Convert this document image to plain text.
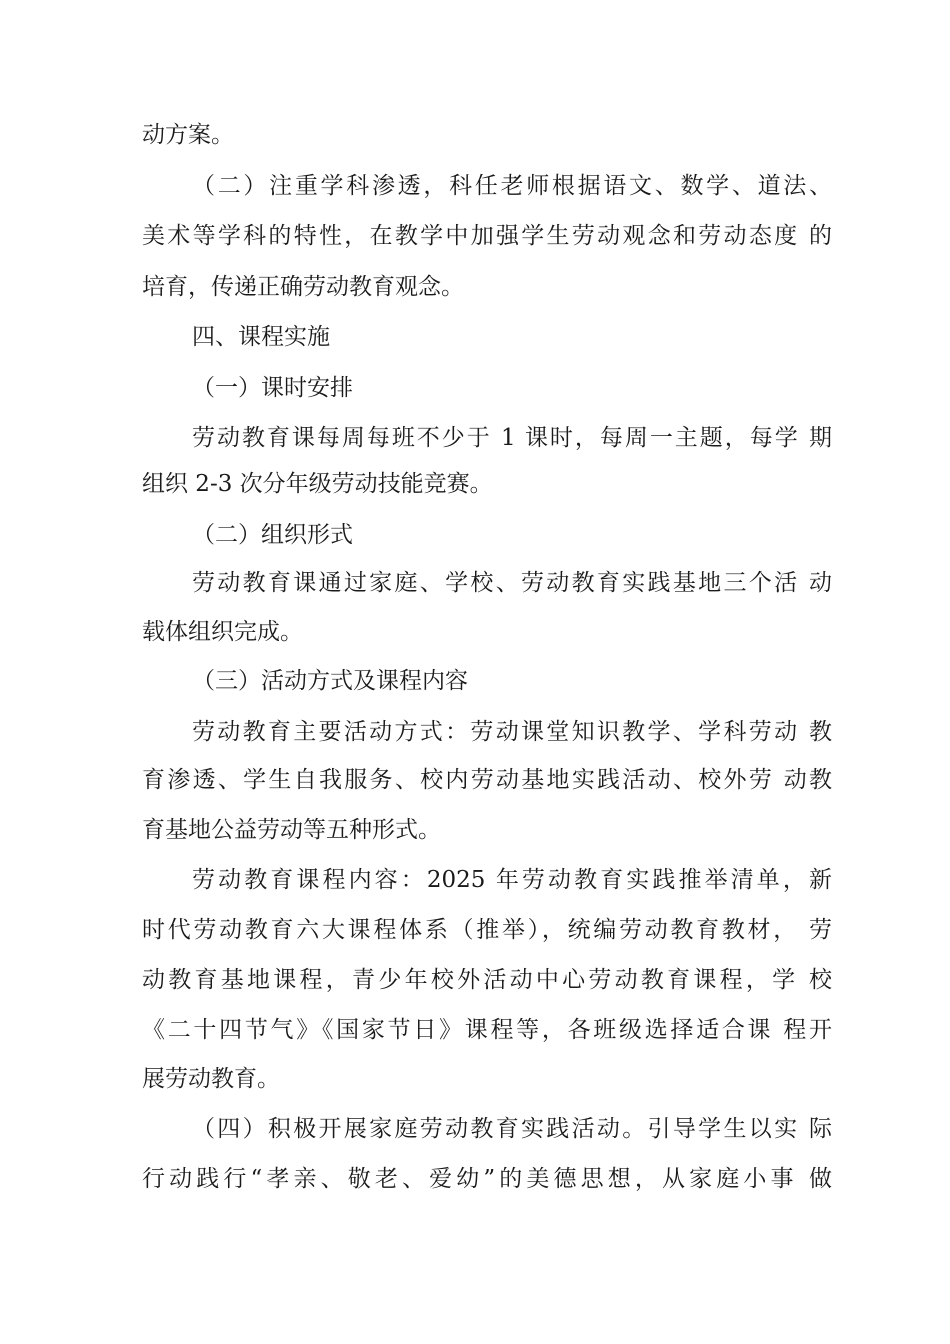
动方案。

（二）注重学科渗透，科任老师根据语文、数学、道法、

美术等学科的特性，在教学中加强学生劳动观念和劳动态度 的

培育，传递正确劳动教育观念。

四、课程实施

（一）课时安排

劳动教育课每周每班不少于 1 课时，每周一主题，每学 期

组织 2-3 次分年级劳动技能竞赛。

（二）组织形式

劳动教育课通过家庭、学校、劳动教育实践基地三个活 动

载体组织完成。

（三）活动方式及课程内容

劳动教育主要活动方式：劳动课堂知识教学、学科劳动 教

育渗透、学生自我服务、校内劳动基地实践活动、校外劳 动教

育基地公益劳动等五种形式。

劳动教育课程内容：2025 年劳动教育实践推举清单，新

时代劳动教育六大课程体系（推举），统编劳动教育教材， 劳

动教育基地课程，青少年校外活动中心劳动教育课程，学 校

《二十四节气》《国家节日》课程等，各班级选择适合课 程开

展劳动教育。

（四）积极开展家庭劳动教育实践活动。引导学生以实 际

行动践行“孝亲、敬老、爱幼”的美德思想，从家庭小事 做
